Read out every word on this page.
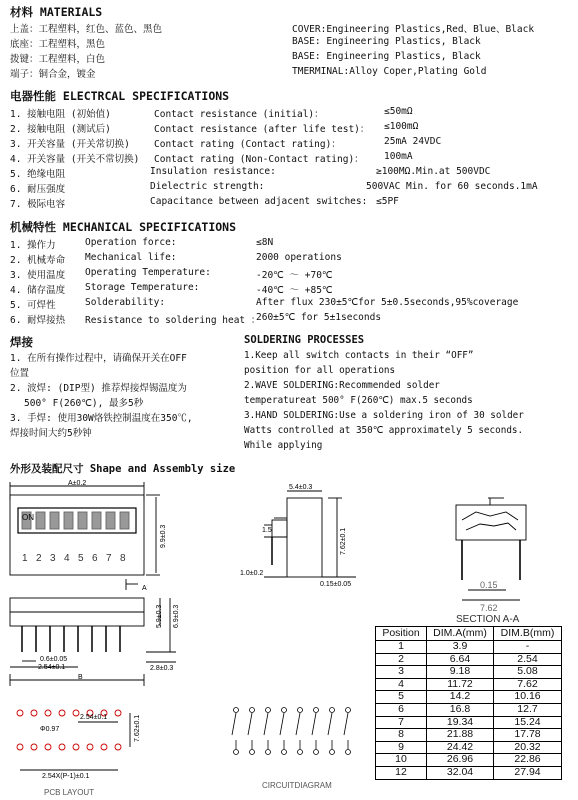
材料 MATERIALS
上盖：工程塑料，红色、蓝色、黑色	COVER:Engineering Plastics,Red、Blue、Black
底座：工程塑料，黑色	BASE: Engineering Plastics, Black
拨键：工程塑料，白色	BASE: Engineering Plastics, Black
端子：铜合金，镀金	TMERMINAL:Alloy Coper,Plating Gold
电器性能 ELECTRCAL SPECIFICATIONS
1. 接触电阻 (初始值)	Contact resistance (initial)：	≤50mΩ
2. 接触电阻 (测试后)	Contact resistance (after life test)： ≤100mΩ
3. 开关容量 (开关常切换)	Contact rating (Contact rating)：	25mA 24VDC
4. 开关容量 (开关不常切换) Contact rating (Non-Contact rating)： 100mA
5. 绝缘电阻	Insulation resistance:	≥100MΩ.Min.at 500VDC
6. 耐压强度	Dielectric strength:	500VAC Min. for 60 seconds.1mA
7. 极际电容	Capacitance between adjacent switches: ≤5PF
机械特性 MECHANICAL SPECIFICATIONS
1. 操作力	Operation force:	≤8N
2. 机械寿命 Mechanical life:	2000 operations
3. 使用温度 Operating Temperature:	-20℃ ～ +70℃
4. 储存温度 Storage Temperature:	-40℃ ～ +85℃
5. 可焊性	Solderability:	After flux 230±5℃for 5±0.5seconds,95%coverage
6. 耐焊接热 Resistance to soldering heat ：
260±5℃ for 5±1seconds
焊接
1. 在所有操作过程中，请确保开关在OFF
位置
2. 波焊: (DIP型) 推荐焊接焊锡温度为
500° F(260℃), 最多5秒
3. 手焊: 使用30W烙铁控制温度在350℃,
焊接时间大约5秒钟
SOLDERING PROCESSES
1.Keep all switch contacts in their “OFF”
position for all operations
2.WAVE SOLDERING:Recommended solder
temperatureat 500° F(260℃) max.5 seconds
3.HAND SOLDERING:Use a soldering iron of 30 solder
Watts controlled at 350℃ approximately 5 seconds.
While applying
外形及装配尺寸 Shape and Assembly size
A±0.2
ON
1 2 3 4 5 6 7 8
9.9±0.3
A
5.9±0.3 6.9±0.3
0.6±0.05
2.54±0.1	2.8±0.3
B
5.4±0.3
1.5	7.62±0.1
1.0±0.2
0.15±0.05	0.15
7.62
SECTION A-A
Φ0.97
2.54±0.1	7.62±0.1
2.54X(P-1)±0.1
PCB LAYOUT
CIRCUITDIAGRAM
Position	DIM.A(mm)	DIM.B(mm)
1	3.9	-
2	6.64	2.54
3	9.18	5.08
4	11.72	7.62
5	14.2	10.16
6	16.8	12.7
7	19.34	15.24
8	21.88	17.78
9	24.42	20.32
10	26.96	22.86
12	32.04	27.94
